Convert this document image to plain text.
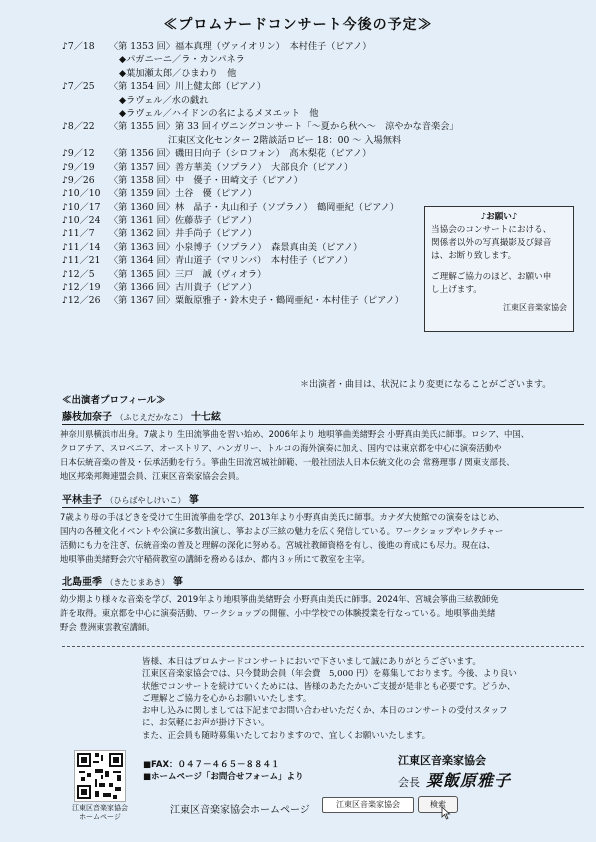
≪プロムナードコンサート今後の予定≫
♪7／18 〈第 1353 回〉福本真理（ヴァイオリン）　本村佳子（ピアノ）
◆パガニーニ／ラ・カンパネラ
◆葉加瀬太郎／ひまわり　他
♪7／25 〈第 1354 回〉川上健太郎（ピアノ）
◆ラヴェル／水の戯れ
◆ラヴェル／ハイドンの名によるメヌエット　他
♪8／22 〈第 1355 回〉第 33 回イヴニングコンサート「～夏から秋へ～　涼やかな音楽会」
江東区文化センター 2階談話ロビー 18：00 ～ 入場無料
♪9／12 〈第 1356 回〉磯田日向子（シロフォン）　高木梨花（ピアノ）
♪9／19 〈第 1357 回〉善方華美（ソプラノ）　大部良介（ピアノ）
♪9／26 〈第 1358 回〉中　優子・田崎文子（ピアノ）
♪10／10 〈第 1359 回〉土谷　優（ピアノ）
♪10／17 〈第 1360 回〉林　晶子・丸山和子（ソプラノ）　鶴岡亜紀（ピアノ）
♪10／24 〈第 1361 回〉佐藤恭子（ピアノ）
♪11／7 〈第 1362 回〉井手尚子（ピアノ）
♪11／14 〈第 1363 回〉小泉博子（ソプラノ）　森景真由美（ピアノ）
♪11／21 〈第 1364 回〉青山道子（マリンバ）　本村佳子（ピアノ）
♪12／5 〈第 1365 回〉三戸　誠（ヴィオラ）
♪12／19 〈第 1366 回〉古川貴子（ピアノ）
♪12／26 〈第 1367 回〉粟飯原雅子・鈴木史子・鶴岡亜紀・本村佳子（ピアノ）
♪お願い♪
当協会のコンサートにおける、
関係者以外の写真撮影及び録音
は、お断り致します。
ご理解ご協力のほど、お願い申
し上げます。
江東区音楽家協会
＊出演者・曲目は、状況により変更になることがございます。
≪出演者プロフィール≫
藤枝加奈子 （ふじえだかなこ） 十七絃
神奈川県横浜市出身。7歳より 生田流箏曲を習い始め、2006年より 地唄箏曲美緒野会 小野真由美氏に師事。ロシア、中国、
クロアチア、スロベニア、オーストリア、ハンガリー、トルコの海外演奏に加え、国内では東京都を中心に演奏活動や
日本伝統音楽の普及・伝承活動を行う。箏曲生田流宮城社師範、一般社団法人日本伝統文化の会 常務理事 / 関東支部長、
地区邦楽邦舞連盟会員、江東区音楽家協会会員。
平林圭子 （ひらばやしけいこ） 箏
7歳より母の手ほどきを受けて生田流箏曲を学び、2013年より小野真由美氏に師事。カナダ大使館での演奏をはじめ、
国内の各種文化イベントや公演に多数出演し、箏および三絃の魅力を広く発信している。ワークショップやレクチャー
活動にも力を注ぎ、伝統音楽の普及と理解の深化に努める。宮城社教師資格を有し、後進の育成にも尽力。現在は、
地唄箏曲美緒野会穴守稲荷教室の講師を務めるほか、都内３ヶ所にて教室を主宰。
北島亜季 （きたじまあき） 箏
幼少期より様々な音楽を学び、2019年より地唄箏曲美緒野会 小野真由美氏に師事。2024年、宮城会箏曲三絃教師免
許を取得。東京都を中心に演奏活動、ワークショップの開催、小中学校での体験授業を行なっている。地唄箏曲美緒
野会 豊洲東雲教室講師。
皆様、本日はプロムナードコンサートにおいで下さいまして誠にありがとうございます。
江東区音楽家協会では、只今賛助会員（年会費　5,000 円）を募集しております。今後、より良い
状態でコンサートを続けていくためには、皆様のあたたかいご支援が是非とも必要です。どうか、
ご理解とご協力を心からお願いいたします。
お申し込みに関しましては下記までお問い合わせいただくか、本日のコンサートの受付スタッフ
に、お気軽にお声が掛け下さい。
また、正会員も随時募集いたしておりますので、宜しくお願いいたします。
江東区音楽家協会
ホームページ
■FAX：０４７－４６５－８８４１
■ホームページ「お問合せフォーム」より
江東区音楽家協会
会長 粟飯原雅子
江東区音楽家協会ホームページ
江東区音楽家協会	検索
